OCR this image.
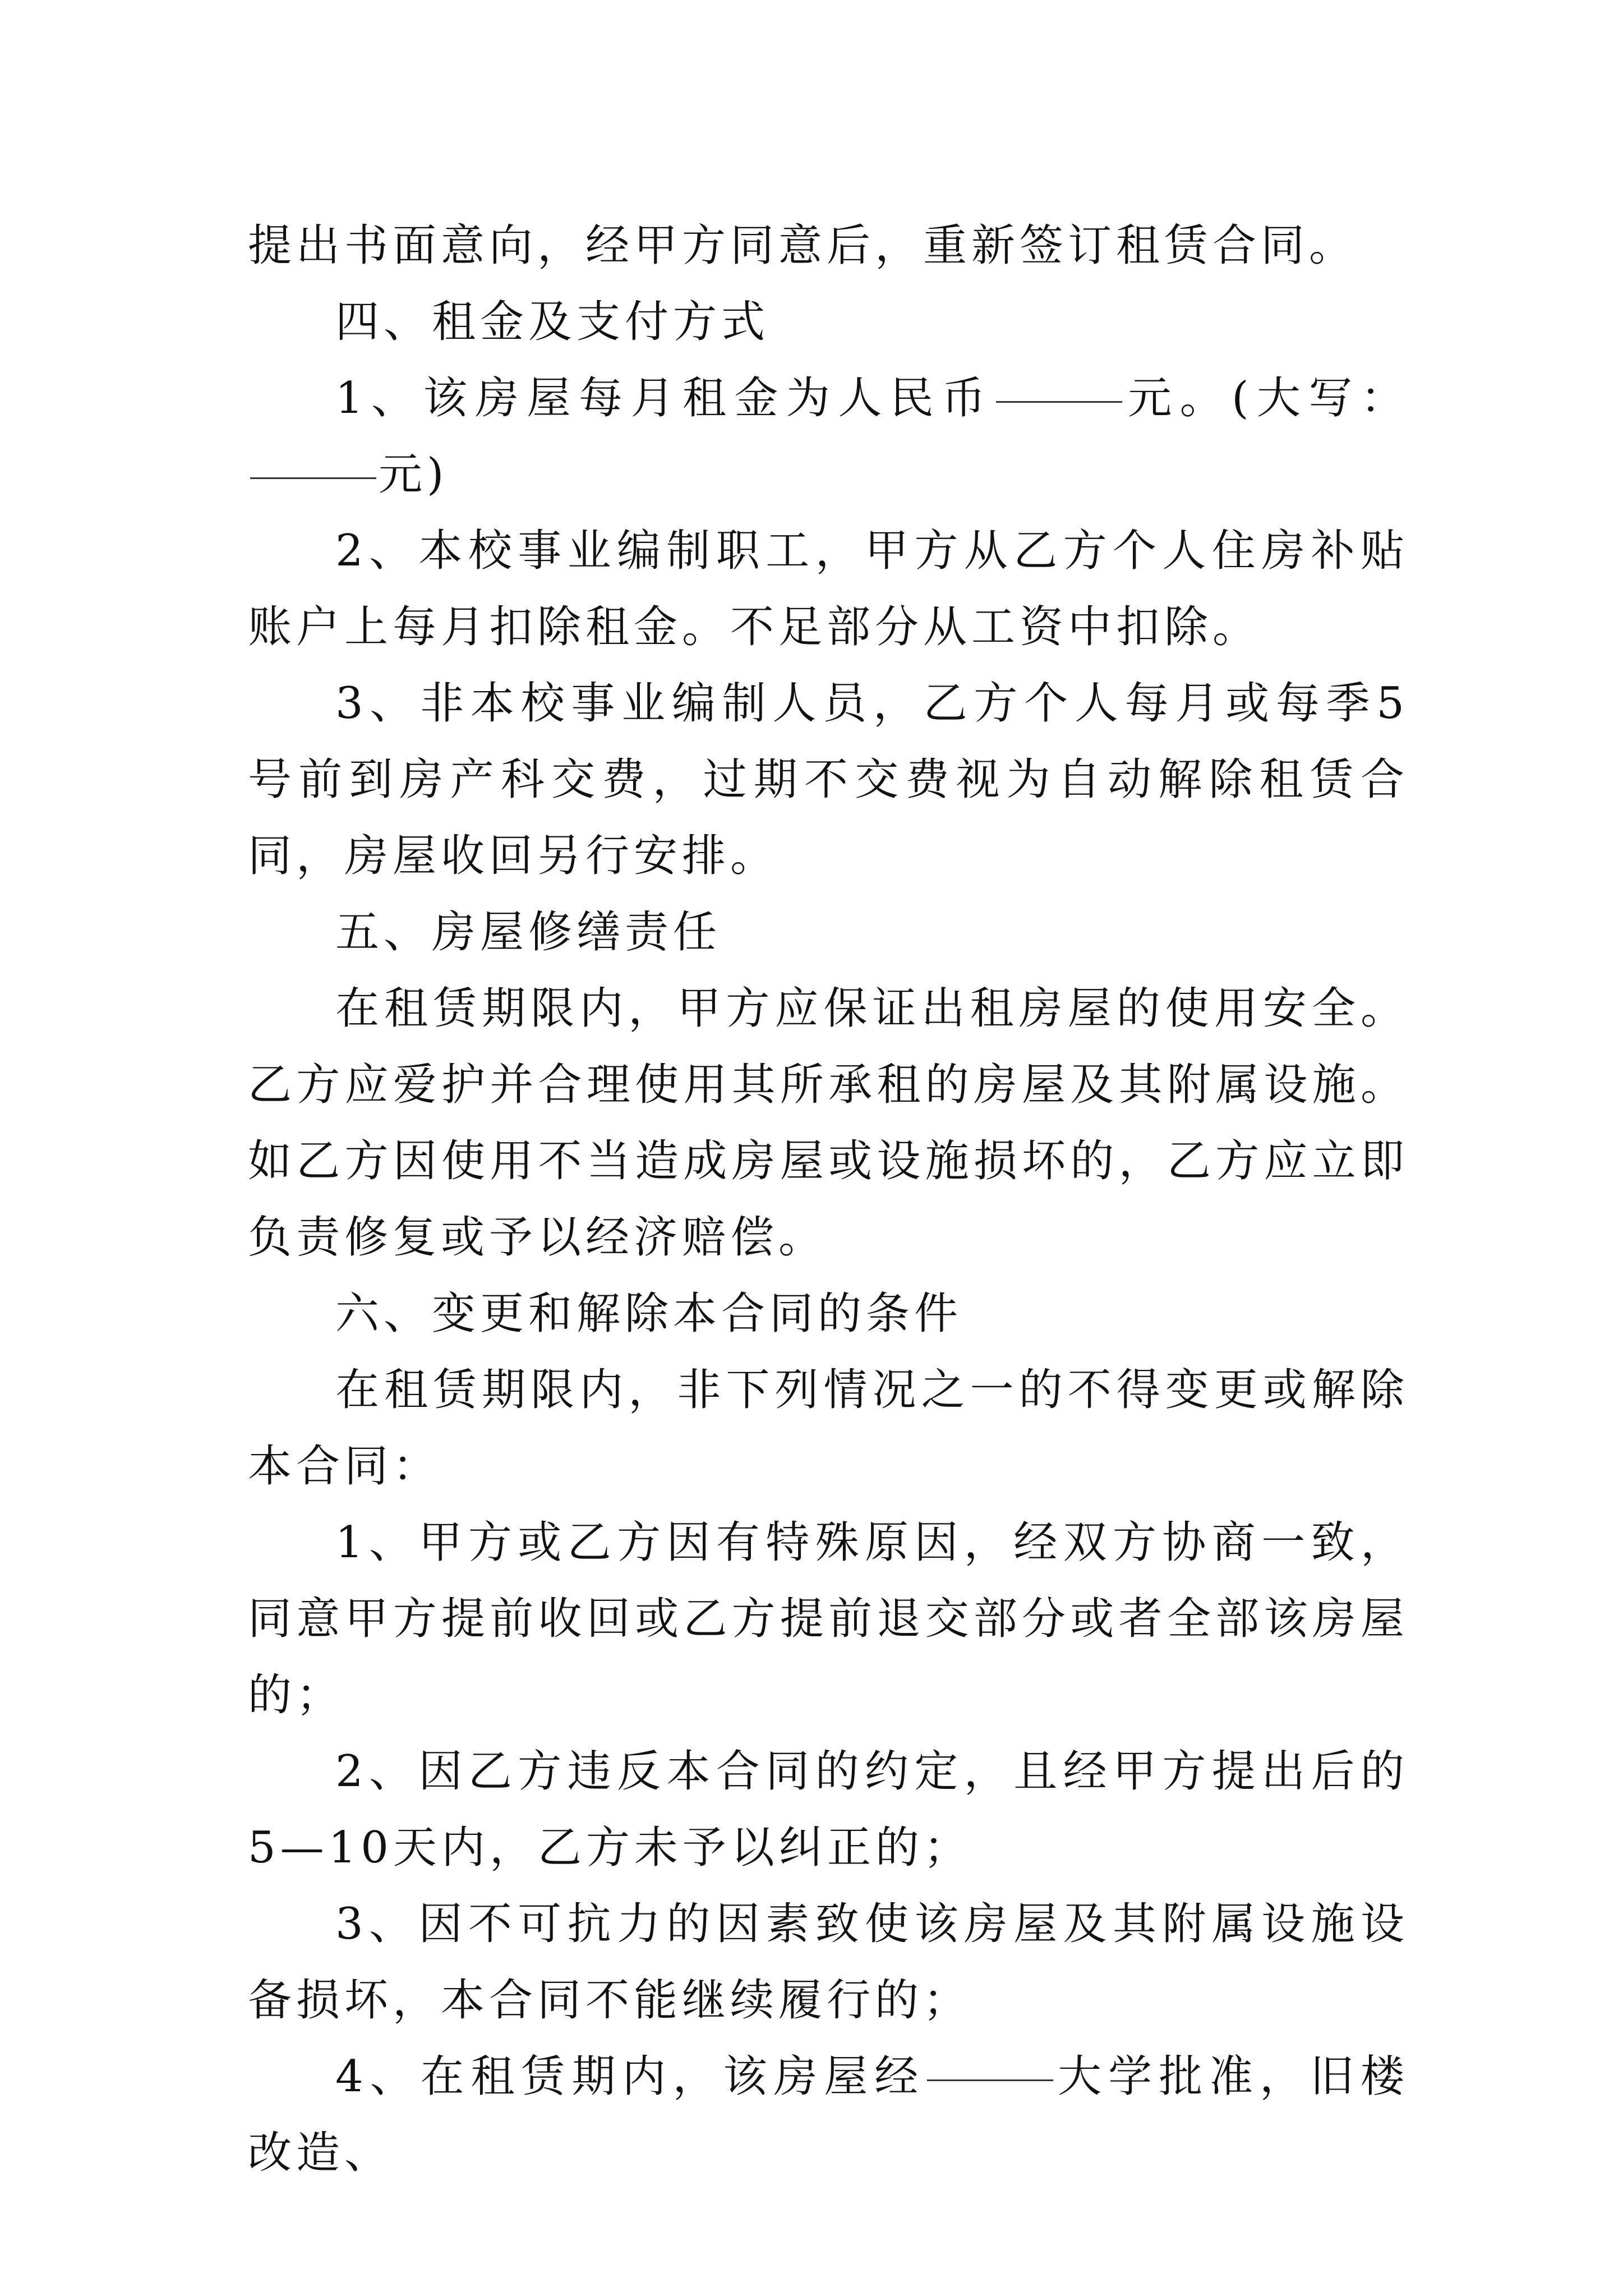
提出书面意向，经甲方同意后，重新签订租赁合同。

四、租金及支付方式

1、该房屋每月租金为人民币	元。(大写：元)

2、本校事业编制职工，甲方从乙方个人住房补贴账户上每月扣除租金。不足部分从工资中扣除。

3、非本校事业编制人员，乙方个人每月或每季5号前到房产科交费，过期不交费视为自动解除租赁合同，房屋收回另行安排。

五、房屋修缮责任

在租赁期限内，甲方应保证出租房屋的使用安全。乙方应爱护并合理使用其所承租的房屋及其附属设施。如乙方因使用不当造成房屋或设施损坏的，乙方应立即负责修复或予以经济赔偿。

六、变更和解除本合同的条件

在租赁期限内，非下列情况之一的不得变更或解除本合同：

1、甲方或乙方因有特殊原因，经双方协商一致，同意甲方提前收回或乙方提前退交部分或者全部该房屋的；

2、因乙方违反本合同的约定，且经甲方提出后的5—10天内，乙方未予以纠正的；

3、因不可抗力的因素致使该房屋及其附属设施设备损坏，本合同不能继续履行的；

4、在租赁期内，该房屋经	大学批准，旧楼改造、
